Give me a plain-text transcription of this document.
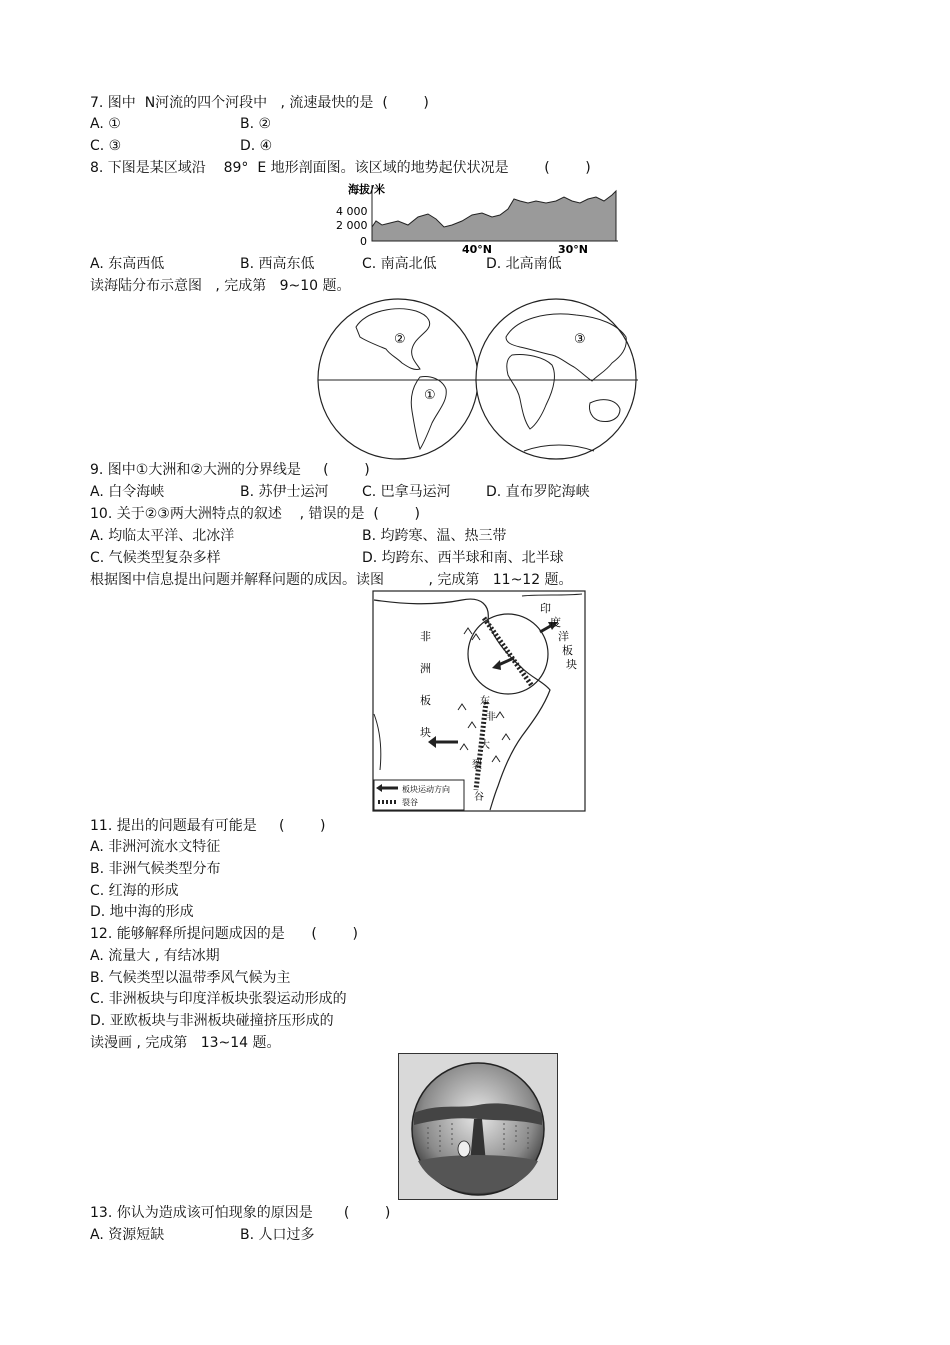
7. 图中  N河流的四个河段中   , 流速最快的是  (        )
A. ①	B. ②
C. ③	D. ④
8. 下图是某区域沿    89°  E 地形剖面图。该区域的地势起伏状况是        (        )
海拔/米
4 000
2 000
0
40°N	30°N
A. 东高西低	B. 西高东低	C. 南高北低	D. 北高南低
读海陆分布示意图   , 完成第   9~10 题。
②
①
③
9. 图中①大洲和②大洲的分界线是     (        )
A. 白令海峡	B. 苏伊士运河 C. 巴拿马运河	D. 直布罗陀海峡
10. 关于②③两大洲特点的叙述    , 错误的是  (        )
A. 均临太平洋、北冰洋	B. 均跨寒、温、热三带
C. 气候类型复杂多样	D. 均跨东、西半球和南、北半球
根据图中信息提出问题并解释问题的成因。读图          , 完成第   11~12 题。
非
洲
板
块
印
度
洋
板
块
东
非
大
裂
谷
板块运动方向
裂谷
11. 提出的问题最有可能是     (        )
A. 非洲河流水文特征
B. 非洲气候类型分布
C. 红海的形成
D. 地中海的形成
12. 能够解释所提问题成因的是      (        )
A. 流量大 , 有结冰期
B. 气候类型以温带季风气候为主
C. 非洲板块与印度洋板块张裂运动形成的
D. 亚欧板块与非洲板块碰撞挤压形成的
读漫画 , 完成第   13~14 题。
13. 你认为造成该可怕现象的原因是       (        )
A. 资源短缺	B. 人口过多
